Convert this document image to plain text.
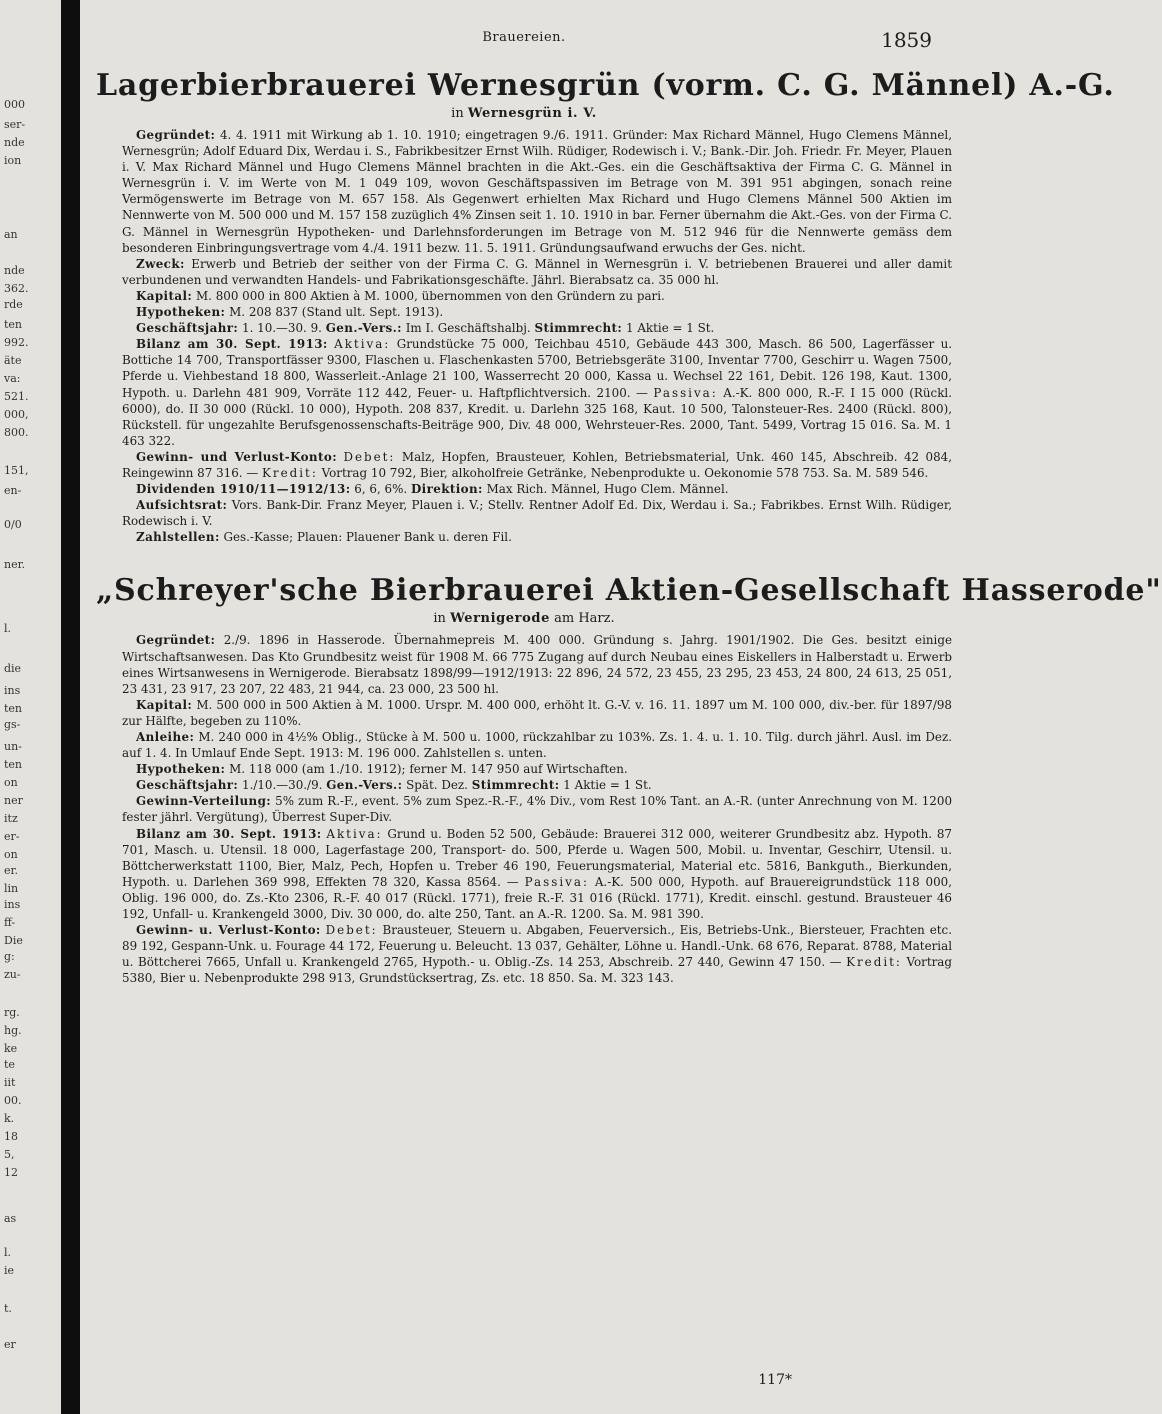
000
ser-
nde
ion
an
nde
362.
rde
ten
992.
äte
va:
521.
000,
800.
151,
en-
0/0
ner.
l.
die
ins
ten
gs-
un-
ten
on
ner
itz
er-
on
er.
lin
ins
ff-
Die
g:
zu-
rg.
hg.
ke
te
iit
00.
k.
18
5,
12
as
l.
ie
t.
er
Brauereien.	1859
Lagerbierbrauerei Wernesgrün (vorm. C. G. Männel) A.-G.
in Wernesgrün i. V.

Gegründet: 4. 4. 1911 mit Wirkung ab 1. 10. 1910; eingetragen 9./6. 1911. Gründer: Max Richard Männel, Hugo Clemens Männel, Wernesgrün; Adolf Eduard Dix, Werdau i. S., Fabrikbesitzer Ernst Wilh. Rüdiger, Rodewisch i. V.; Bank.-Dir. Joh. Friedr. Fr. Meyer, Plauen i. V. Max Richard Männel und Hugo Clemens Männel brachten in die Akt.-Ges. ein die Geschäftsaktiva der Firma C. G. Männel in Wernesgrün i. V. im Werte von M. 1 049 109, wovon Geschäftspassiven im Betrage von M. 391 951 abgingen, sonach reine Vermögenswerte im Betrage von M. 657 158. Als Gegenwert erhielten Max Richard und Hugo Clemens Männel 500 Aktien im Nennwerte von M. 500 000 und M. 157 158 zuzüglich 4% Zinsen seit 1. 10. 1910 in bar. Ferner übernahm die Akt.-Ges. von der Firma C. G. Männel in Wernesgrün Hypotheken- und Darlehnsforderungen im Betrage von M. 512 946 für die Nennwerte gemäss dem besonderen Einbringungsvertrage vom 4./4. 1911 bezw. 11. 5. 1911. Gründungsaufwand erwuchs der Ges. nicht.

Zweck: Erwerb und Betrieb der seither von der Firma C. G. Männel in Wernesgrün i. V. betriebenen Brauerei und aller damit verbundenen und verwandten Handels- und Fabrikationsgeschäfte. Jährl. Bierabsatz ca. 35 000 hl.

Kapital: M. 800 000 in 800 Aktien à M. 1000, übernommen von den Gründern zu pari.

Hypotheken: M. 208 837 (Stand ult. Sept. 1913).

Geschäftsjahr: 1. 10.—30. 9. Gen.-Vers.: Im I. Geschäftshalbj. Stimmrecht: 1 Aktie = 1 St.

Bilanz am 30. Sept. 1913: Aktiva: Grundstücke 75 000, Teichbau 4510, Gebäude 443 300, Masch. 86 500, Lagerfässer u. Bottiche 14 700, Transportfässer 9300, Flaschen u. Flaschenkasten 5700, Betriebsgeräte 3100, Inventar 7700, Geschirr u. Wagen 7500, Pferde u. Viehbestand 18 800, Wasserleit.-Anlage 21 100, Wasserrecht 20 000, Kassa u. Wechsel 22 161, Debit. 126 198, Kaut. 1300, Hypoth. u. Darlehn 481 909, Vorräte 112 442, Feuer- u. Haftpflichtversich. 2100. — Passiva: A.-K. 800 000, R.-F. I 15 000 (Rückl. 6000), do. II 30 000 (Rückl. 10 000), Hypoth. 208 837, Kredit. u. Darlehn 325 168, Kaut. 10 500, Talonsteuer-Res. 2400 (Rückl. 800), Rückstell. für ungezahlte Berufsgenossenschafts-Beiträge 900, Div. 48 000, Wehrsteuer-Res. 2000, Tant. 5499, Vortrag 15 016. Sa. M. 1 463 322.

Gewinn- und Verlust-Konto: Debet: Malz, Hopfen, Brausteuer, Kohlen, Betriebsmaterial, Unk. 460 145, Abschreib. 42 084, Reingewinn 87 316. — Kredit: Vortrag 10 792, Bier, alkoholfreie Getränke, Nebenprodukte u. Oekonomie 578 753. Sa. M. 589 546.

Dividenden 1910/11—1912/13: 6, 6, 6%. Direktion: Max Rich. Männel, Hugo Clem. Männel.

Aufsichtsrat: Vors. Bank-Dir. Franz Meyer, Plauen i. V.; Stellv. Rentner Adolf Ed. Dix, Werdau i. Sa.; Fabrikbes. Ernst Wilh. Rüdiger, Rodewisch i. V.

Zahlstellen: Ges.-Kasse; Plauen: Plauener Bank u. deren Fil.

„Schreyer'sche Bierbrauerei Aktien-Gesellschaft Hasserode"
in Wernigerode am Harz.

Gegründet: 2./9. 1896 in Hasserode. Übernahmepreis M. 400 000. Gründung s. Jahrg. 1901/1902. Die Ges. besitzt einige Wirtschaftsanwesen. Das Kto Grundbesitz weist für 1908 M. 66 775 Zugang auf durch Neubau eines Eiskellers in Halberstadt u. Erwerb eines Wirtsanwesens in Wernigerode. Bierabsatz 1898/99—1912/1913: 22 896, 24 572, 23 455, 23 295, 23 453, 24 800, 24 613, 25 051, 23 431, 23 917, 23 207, 22 483, 21 944, ca. 23 000, 23 500 hl.

Kapital: M. 500 000 in 500 Aktien à M. 1000. Urspr. M. 400 000, erhöht lt. G.-V. v. 16. 11. 1897 um M. 100 000, div.-ber. für 1897/98 zur Hälfte, begeben zu 110%.

Anleihe: M. 240 000 in 4½% Oblig., Stücke à M. 500 u. 1000, rückzahlbar zu 103%. Zs. 1. 4. u. 1. 10. Tilg. durch jährl. Ausl. im Dez. auf 1. 4. In Umlauf Ende Sept. 1913: M. 196 000. Zahlstellen s. unten.

Hypotheken: M. 118 000 (am 1./10. 1912); ferner M. 147 950 auf Wirtschaften.

Geschäftsjahr: 1./10.—30./9. Gen.-Vers.: Spät. Dez. Stimmrecht: 1 Aktie = 1 St.

Gewinn-Verteilung: 5% zum R.-F., event. 5% zum Spez.-R.-F., 4% Div., vom Rest 10% Tant. an A.-R. (unter Anrechnung von M. 1200 fester jährl. Vergütung), Überrest Super-Div.

Bilanz am 30. Sept. 1913: Aktiva: Grund u. Boden 52 500, Gebäude: Brauerei 312 000, weiterer Grundbesitz abz. Hypoth. 87 701, Masch. u. Utensil. 18 000, Lagerfastage 200, Transport- do. 500, Pferde u. Wagen 500, Mobil. u. Inventar, Geschirr, Utensil. u. Böttcherwerkstatt 1100, Bier, Malz, Pech, Hopfen u. Treber 46 190, Feuerungsmaterial, Material etc. 5816, Bankguth., Bierkunden, Hypoth. u. Darlehen 369 998, Effekten 78 320, Kassa 8564. — Passiva: A.-K. 500 000, Hypoth. auf Brauereigrundstück 118 000, Oblig. 196 000, do. Zs.-Kto 2306, R.-F. 40 017 (Rückl. 1771), freie R.-F. 31 016 (Rückl. 1771), Kredit. einschl. gestund. Brausteuer 46 192, Unfall- u. Krankengeld 3000, Div. 30 000, do. alte 250, Tant. an A.-R. 1200. Sa. M. 981 390.

Gewinn- u. Verlust-Konto: Debet: Brausteuer, Steuern u. Abgaben, Feuerversich., Eis, Betriebs-Unk., Biersteuer, Frachten etc. 89 192, Gespann-Unk. u. Fourage 44 172, Feuerung u. Beleucht. 13 037, Gehälter, Löhne u. Handl.-Unk. 68 676, Reparat. 8788, Material u. Böttcherei 7665, Unfall u. Krankengeld 2765, Hypoth.- u. Oblig.-Zs. 14 253, Abschreib. 27 440, Gewinn 47 150. — Kredit: Vortrag 5380, Bier u. Nebenprodukte 298 913, Grundstücksertrag, Zs. etc. 18 850. Sa. M. 323 143.

117*
